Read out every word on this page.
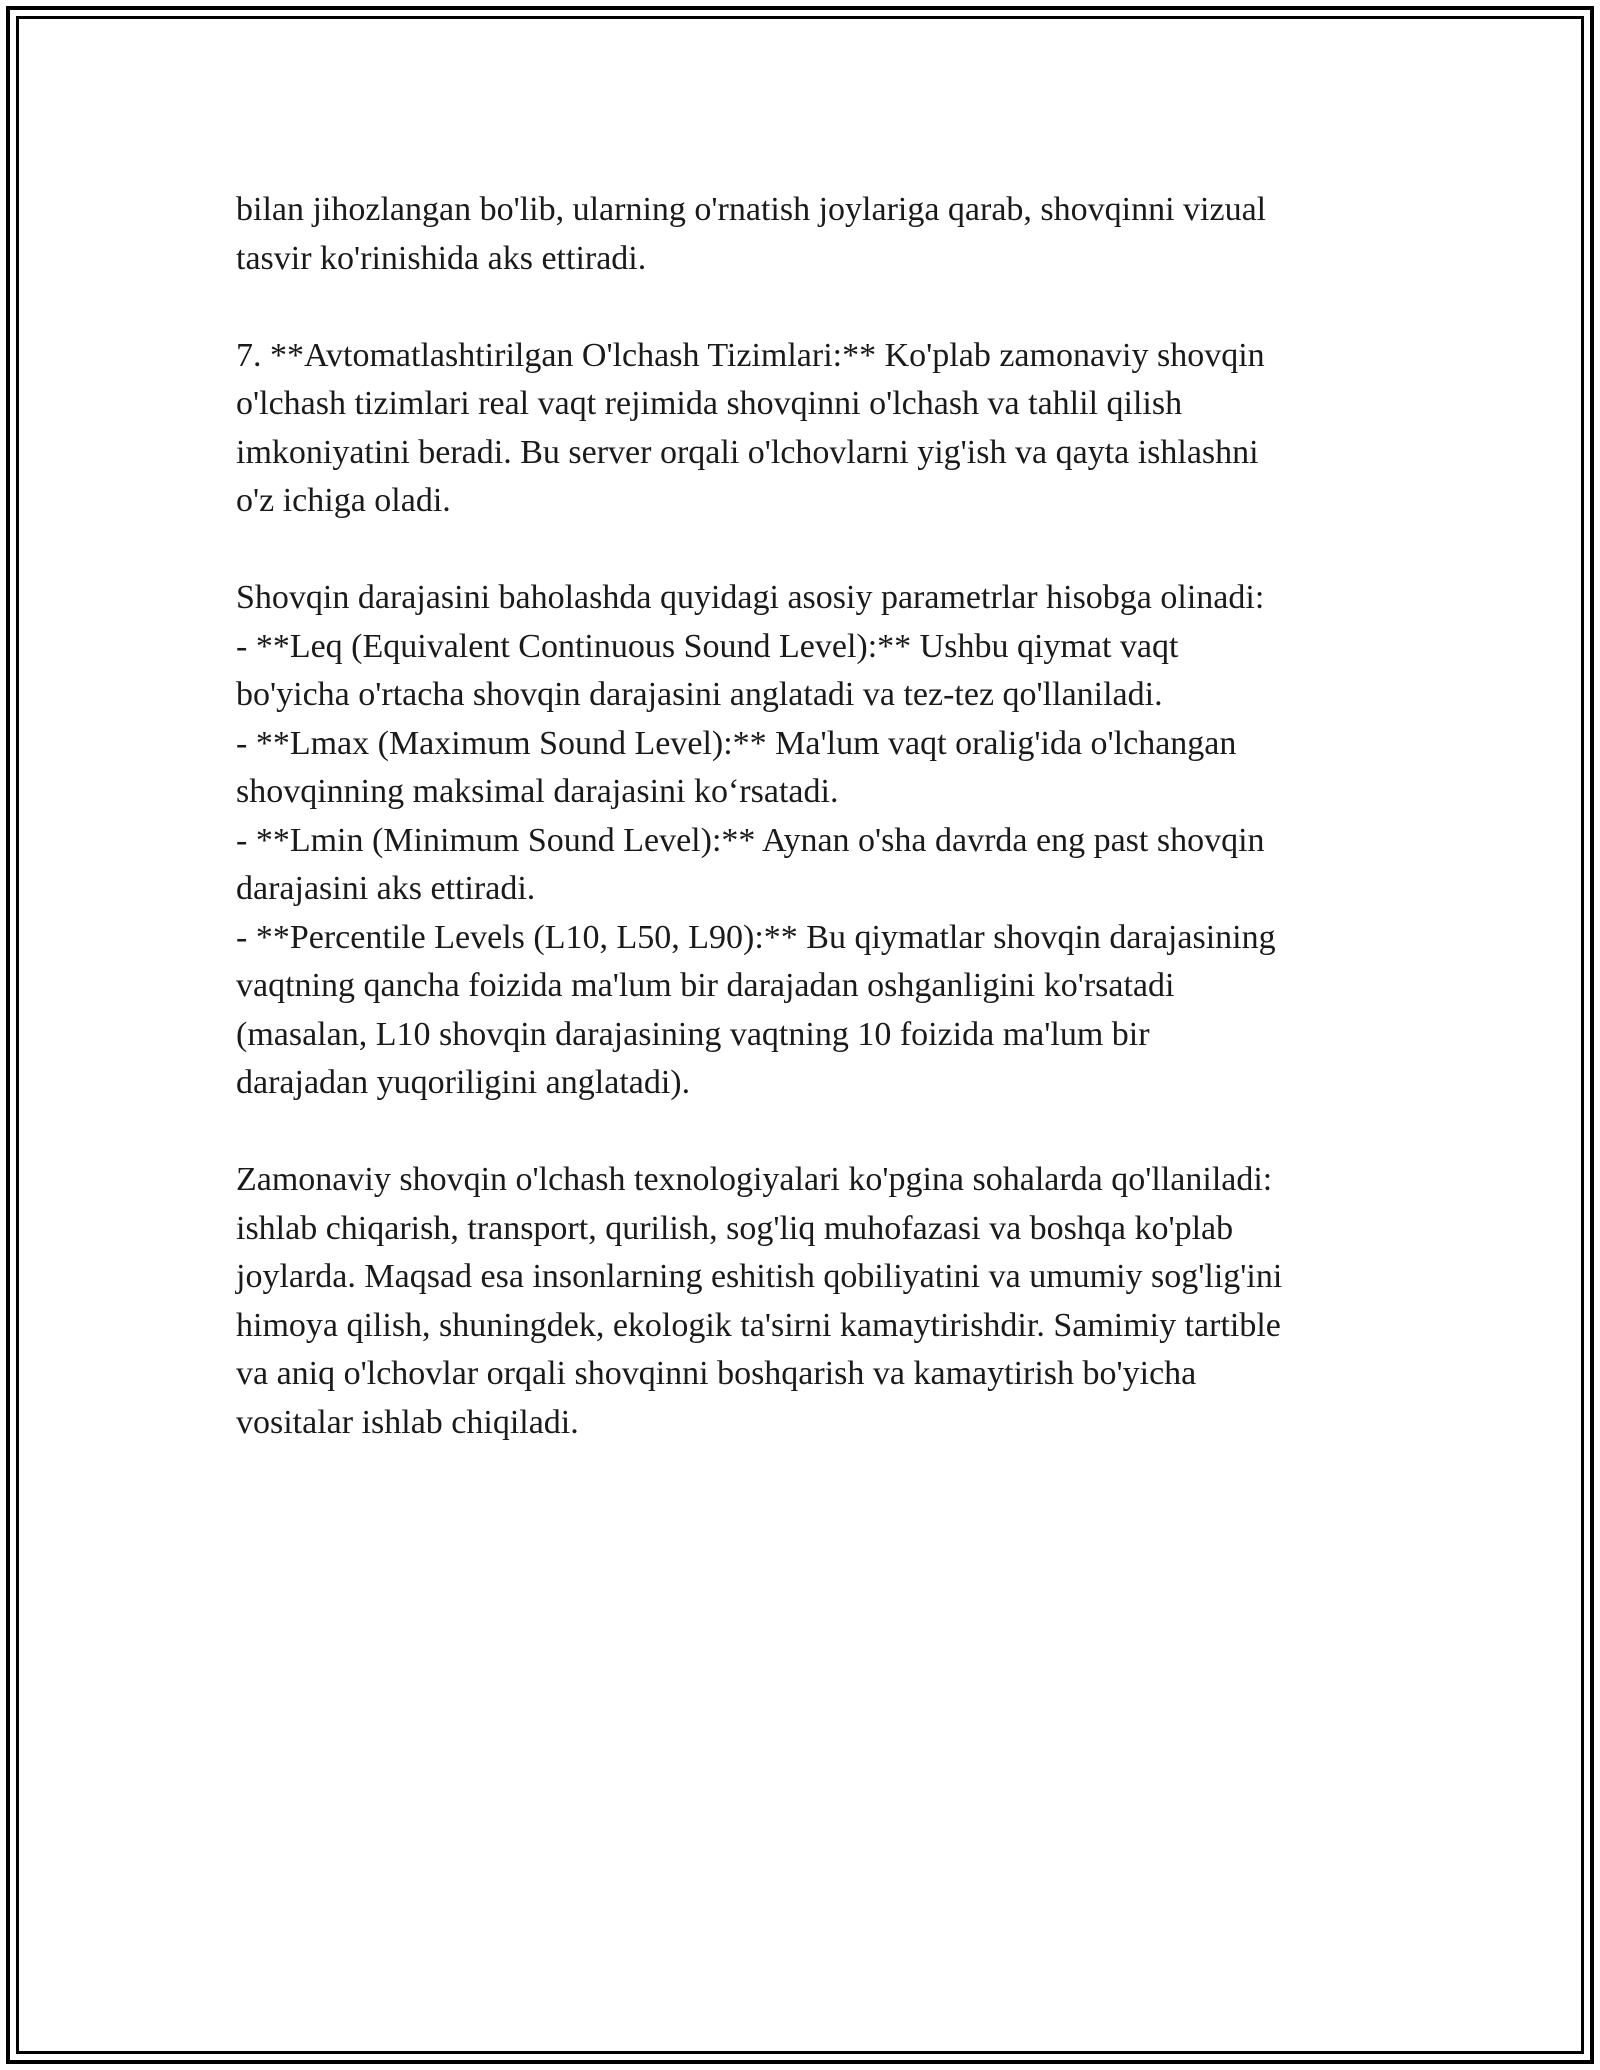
bilan jihozlangan bo'lib, ularning o'rnatish joylariga qarab, shovqinni vizual

tasvir ko'rinishida aks ettiradi.

7. **Avtomatlashtirilgan O'lchash Tizimlari:** Ko'plab zamonaviy shovqin

o'lchash tizimlari real vaqt rejimida shovqinni o'lchash va tahlil qilish

imkoniyatini beradi. Bu server orqali o'lchovlarni yig'ish va qayta ishlashni

o'z ichiga oladi.

Shovqin darajasini baholashda quyidagi asosiy parametrlar hisobga olinadi:

- **Leq (Equivalent Continuous Sound Level):** Ushbu qiymat vaqt

bo'yicha o'rtacha shovqin darajasini anglatadi va tez-tez qo'llaniladi.

- **Lmax (Maximum Sound Level):** Ma'lum vaqt oralig'ida o'lchangan

shovqinning maksimal darajasini koʻrsatadi.

- **Lmin (Minimum Sound Level):** Aynan o'sha davrda eng past shovqin

darajasini aks ettiradi.

- **Percentile Levels (L10, L50, L90):** Bu qiymatlar shovqin darajasining

vaqtning qancha foizida ma'lum bir darajadan oshganligini ko'rsatadi

(masalan, L10 shovqin darajasining vaqtning 10 foizida ma'lum bir

darajadan yuqoriligini anglatadi).

Zamonaviy shovqin o'lchash texnologiyalari ko'pgina sohalarda qo'llaniladi:

ishlab chiqarish, transport, qurilish, sog'liq muhofazasi va boshqa ko'plab

joylarda. Maqsad esa insonlarning eshitish qobiliyatini va umumiy sog'lig'ini

himoya qilish, shuningdek, ekologik ta'sirni kamaytirishdir. Samimiy tartible

va aniq o'lchovlar orqali shovqinni boshqarish va kamaytirish bo'yicha

vositalar ishlab chiqiladi.
